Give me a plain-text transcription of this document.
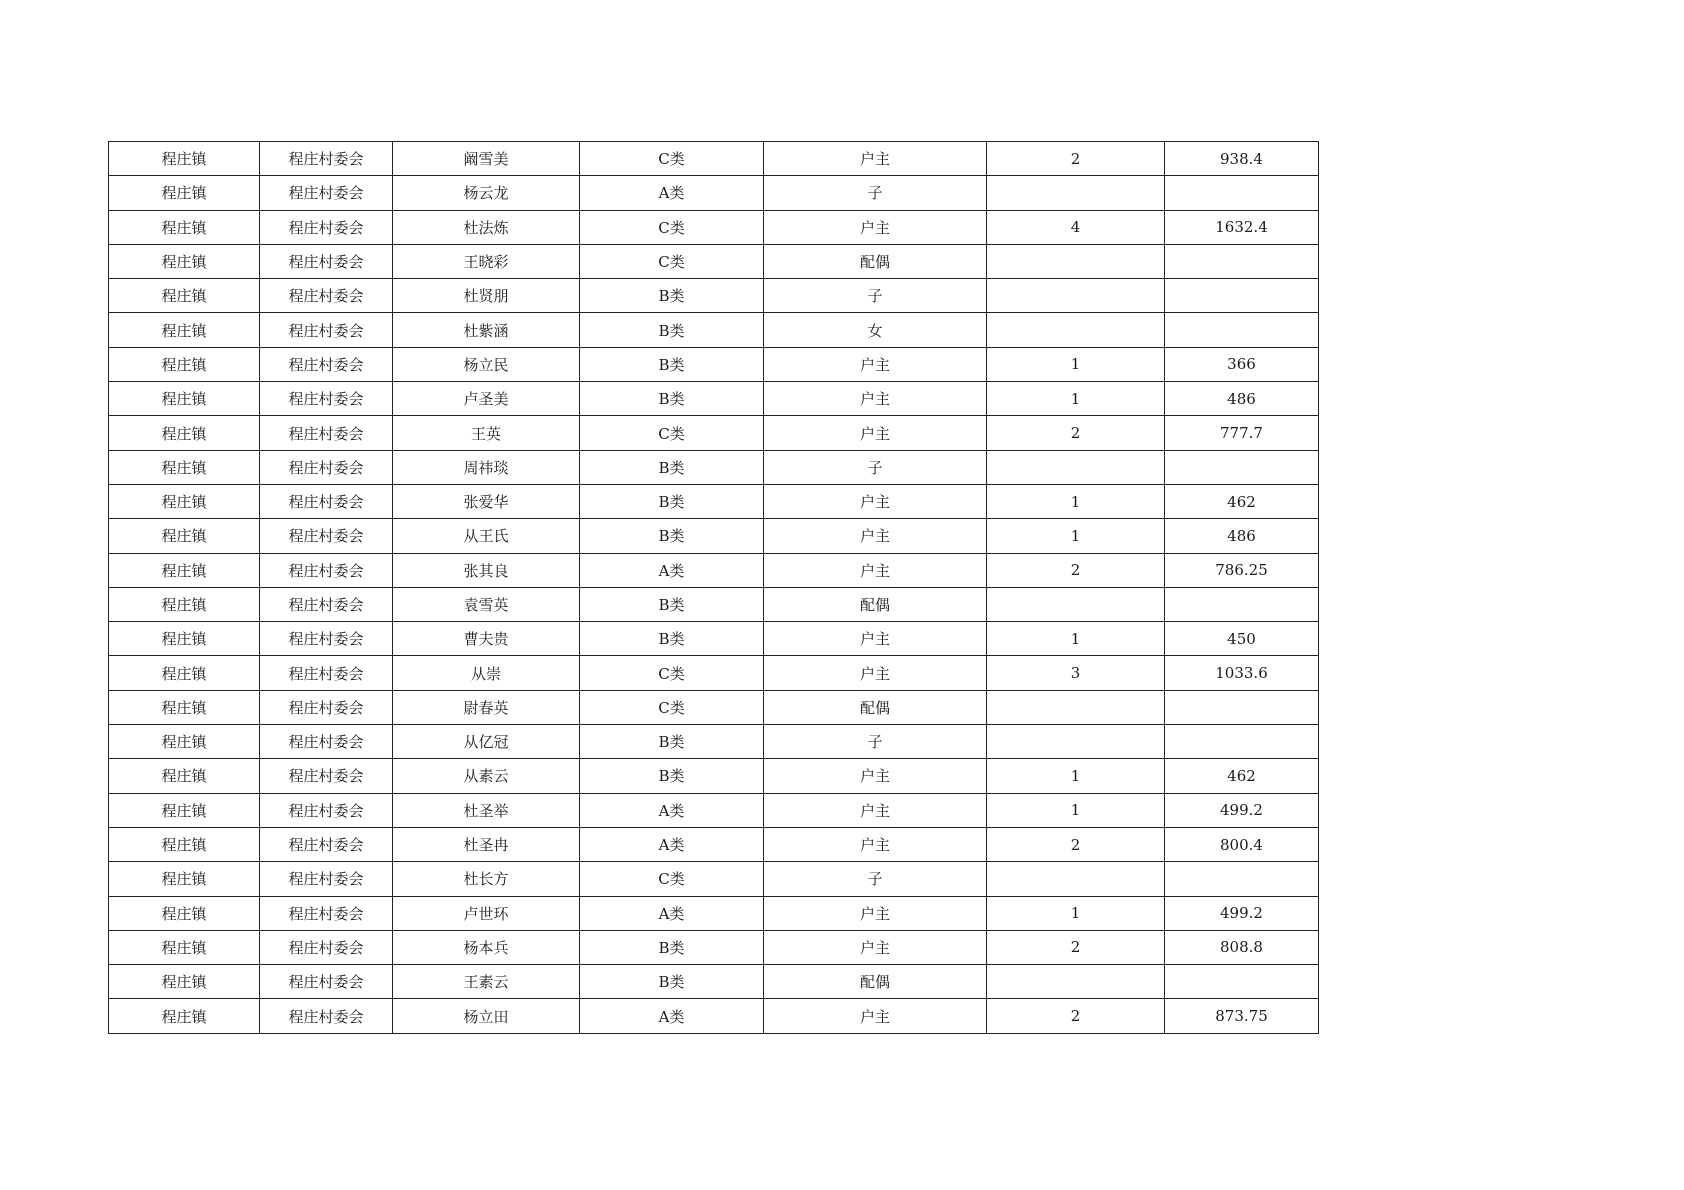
程庄镇	程庄村委会	阚雪美	C类	户主	2	938.4
程庄镇	程庄村委会	杨云龙	A类	子		
程庄镇	程庄村委会	杜法炼	C类	户主	4	1632.4
程庄镇	程庄村委会	王晓彩	C类	配偶		
程庄镇	程庄村委会	杜贤朋	B类	子		
程庄镇	程庄村委会	杜紫涵	B类	女		
程庄镇	程庄村委会	杨立民	B类	户主	1	366
程庄镇	程庄村委会	卢圣美	B类	户主	1	486
程庄镇	程庄村委会	王英	C类	户主	2	777.7
程庄镇	程庄村委会	周祎琰	B类	子		
程庄镇	程庄村委会	张爱华	B类	户主	1	462
程庄镇	程庄村委会	从王氏	B类	户主	1	486
程庄镇	程庄村委会	张其良	A类	户主	2	786.25
程庄镇	程庄村委会	袁雪英	B类	配偶		
程庄镇	程庄村委会	曹夫贵	B类	户主	1	450
程庄镇	程庄村委会	从崇	C类	户主	3	1033.6
程庄镇	程庄村委会	尉春英	C类	配偶		
程庄镇	程庄村委会	从亿冠	B类	子		
程庄镇	程庄村委会	从素云	B类	户主	1	462
程庄镇	程庄村委会	杜圣举	A类	户主	1	499.2
程庄镇	程庄村委会	杜圣冉	A类	户主	2	800.4
程庄镇	程庄村委会	杜长方	C类	子		
程庄镇	程庄村委会	卢世环	A类	户主	1	499.2
程庄镇	程庄村委会	杨本兵	B类	户主	2	808.8
程庄镇	程庄村委会	王素云	B类	配偶		
程庄镇	程庄村委会	杨立田	A类	户主	2	873.75
